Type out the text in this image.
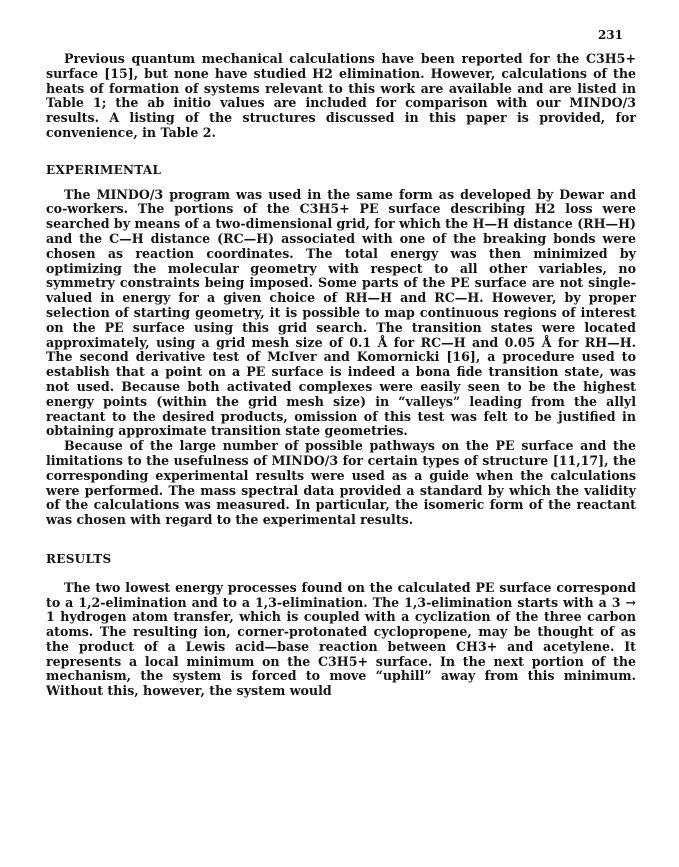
231

Previous quantum mechanical calculations have been reported for the C3H5+ surface [15], but none have studied H2 elimination. However, calculations of the heats of formation of systems relevant to this work are available and are listed in Table 1; the ab initio values are included for comparison with our MINDO/3 results. A listing of the structures discussed in this paper is provided, for convenience, in Table 2.

EXPERIMENTAL

The MINDO/3 program was used in the same form as developed by Dewar and co-workers. The portions of the C3H5+ PE surface describing H2 loss were searched by means of a two-dimensional grid, for which the H—H distance (RH—H) and the C—H distance (RC—H) associated with one of the breaking bonds were chosen as reaction coordinates. The total energy was then minimized by optimizing the molecular geometry with respect to all other variables, no symmetry constraints being imposed. Some parts of the PE surface are not single-valued in energy for a given choice of RH—H and RC—H. However, by proper selection of starting geometry, it is possible to map continuous regions of interest on the PE surface using this grid search. The transition states were located approximately, using a grid mesh size of 0.1 Å for RC—H and 0.05 Å for RH—H. The second derivative test of McIver and Komornicki [16], a procedure used to establish that a point on a PE surface is indeed a bona fide transition state, was not used. Because both activated complexes were easily seen to be the highest energy points (within the grid mesh size) in “valleys” leading from the allyl reactant to the desired products, omission of this test was felt to be justified in obtaining approximate transition state geometries.

Because of the large number of possible pathways on the PE surface and the limitations to the usefulness of MINDO/3 for certain types of structure [11,17], the corresponding experimental results were used as a guide when the calculations were performed. The mass spectral data provided a standard by which the validity of the calculations was measured. In particular, the isomeric form of the reactant was chosen with regard to the experimental results.

RESULTS

The two lowest energy processes found on the calculated PE surface correspond to a 1,2-elimination and to a 1,3-elimination. The 1,3-elimination starts with a 3 → 1 hydrogen atom transfer, which is coupled with a cyclization of the three carbon atoms. The resulting ion, corner-protonated cyclopropene, may be thought of as the product of a Lewis acid—base reaction between CH3+ and acetylene. It represents a local minimum on the C3H5+ surface. In the next portion of the mechanism, the system is forced to move “uphill” away from this minimum. Without this, however, the system would
